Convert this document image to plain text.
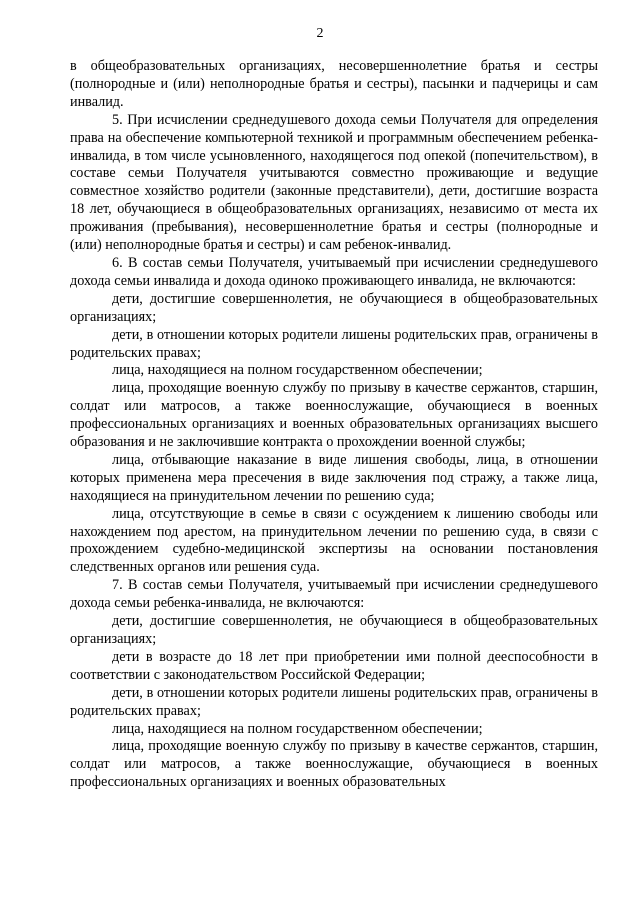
2

в общеобразовательных организациях, несовершеннолетние братья и сестры (полнородные и (или) неполнородные братья и сестры), пасынки и падчерицы и сам инвалид.

5. При исчислении среднедушевого дохода семьи Получателя для определения права на обеспечение компьютерной техникой и программным обеспечением ребенка-инвалида, в том числе усыновленного, находящегося под опекой (попечительством), в составе семьи Получателя учитываются совместно проживающие и ведущие совместное хозяйство родители (законные представители), дети, достигшие возраста 18 лет, обучающиеся в общеобразовательных организациях, независимо от места их проживания (пребывания), несовершеннолетние братья и сестры (полнородные и (или) неполнородные братья и сестры) и сам ребенок-инвалид.

6. В состав семьи Получателя, учитываемый при исчислении среднедушевого дохода семьи инвалида и дохода одиноко проживающего инвалида, не включаются:

дети, достигшие совершеннолетия, не обучающиеся в общеобразовательных организациях;

дети, в отношении которых родители лишены родительских прав, ограничены в родительских правах;

лица, находящиеся на полном государственном обеспечении;

лица, проходящие военную службу по призыву в качестве сержантов, старшин, солдат или матросов, а также военнослужащие, обучающиеся в военных профессиональных организациях и военных образовательных организациях высшего образования и не заключившие контракта о прохождении военной службы;

лица, отбывающие наказание в виде лишения свободы, лица, в отношении которых применена мера пресечения в виде заключения под стражу, а также лица, находящиеся на принудительном лечении по решению суда;

лица, отсутствующие в семье в связи с осуждением к лишению свободы или нахождением под арестом, на принудительном лечении по решению суда, в связи с прохождением судебно-медицинской экспертизы на основании постановления следственных органов или решения суда.

7. В состав семьи Получателя, учитываемый при исчислении среднедушевого дохода семьи ребенка-инвалида, не включаются:

дети, достигшие совершеннолетия, не обучающиеся в общеобразовательных организациях;

дети в возрасте до 18 лет при приобретении ими полной дееспособности в соответствии с законодательством Российской Федерации;

дети, в отношении которых родители лишены родительских прав, ограничены в родительских правах;

лица, находящиеся на полном государственном обеспечении;

лица, проходящие военную службу по призыву в качестве сержантов, старшин, солдат или матросов, а также военнослужащие, обучающиеся в военных профессиональных организациях и военных образовательных
